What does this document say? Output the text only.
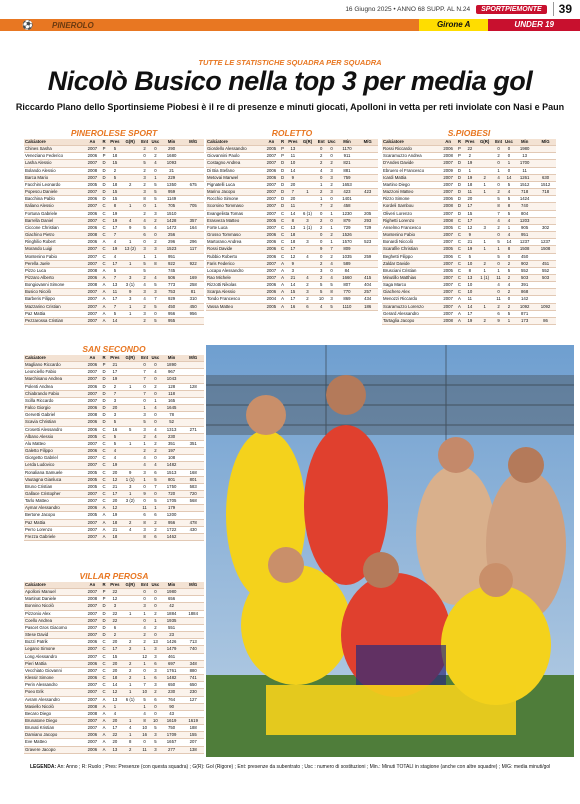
16 Giugno 2025 • ANNO 68 SUPP. AL N.24	SPORTPIEMONTE	39
⚽ PINEROLO	Girone A	UNDER 19
TUTTE LE STATISTICHE SQUADRA PER SQUADRA
Nicolò Busico nella top 3 per media gol
Riccardo Plano dello Sportinsieme Piobesi è il re di presenze e minuti giocati, Apolloni in vetta per reti inviolate con Nasi e Paun
PINEROLESE SPORT
Calciatore	An	R	Pres	G(R)	Ent	Usc	Min	M/G
Chines Sasha	2007	P	5		2	0	290	
Veneziano Federico	2006	P	18		0	2	1680	
Lasha Alessio	2007	D	15		5	4	1093	
Bolando Alessio	2008	D	2		2	0	21	
Barca Mario	2007	D	5		3	1	229	
Facchini Leonardo	2005	D	18	2	2	5	1350	675
Popescu Daniele	2007	D	15		3	5	959	
Bacchina Pablo	2006	D	15		8	5	1149	
Italiano Alessio	2007	C	8	1	0	1	705	705
Fortuna Gabriele	2006	C	19		2	3	1510	
Barrella Daniel	2007	C	19	4	4	2	1428	357
Ciccone Christian	2006	C	17	9	5	4	1472	164
Giachino Pietro	2008	C	7		6	0	256	
Ringhilio Robert	2006	A	4	1	0	2	296	296
Morando Luigi	2007	C	19	13 (2)	3	3	1523	117
Montenino Fabio	2007	C	4		1	1	951	
Perella Juele	2007	C	17	1	5	8	922	922
Pizzo Luca	2008	A	5		5		745	
Pizzaro Alberto	2006	A	7	3	2	4	506	169
Bongiovanni Simone	2008	A	13	3 (1)	4	5	773	258
Busico Nicolò	2007	A	11	9	3	3	753	81
Barberis Filippo	2007	A	17	3	4	7	929	310
Mazzarino Cristian	2007	A	7	1	2	5	450	450
Paz Mattia	2007	A	5	1	3	0	956	956
Pezzarossa Cristian	2007	A	14		2	5	955	
ROLETTO
Calciatore	An	R	Pres	G(R)	Ent	Usc	Min	M/G
Giordello Alessandro	2005	P	13		0	0	1170	
Giovannini Paolo	2007	P	11		2	0	911	
Costagno Andrea	2007	D	10		2	2	821	
Di Bia Stefano	2006	D	14		4	3	881	
Metovai Manwel	2006	D	9		0	3	759	
Pignatelli Luca	2007	D	20		1	2	1653	
Marino Jacopo	2007	D	7	1	2	3	423	423
Rocchio Simone	2007	D	20		1	0	1401	
Scorsino Tommaso	2007	D	11		7	2	458	
Evangelista Tomas	2007	C	14	6 (1)	0	1	1230	205
Erasveza Matteo	2005	C	8	3	2	0	879	293
Forte Luca	2007	C	13	1 (1)	2	1	729	729
Grosso Tommaso	2006	C	18		0	2	1526	
Martorano Andrea	2006	C	18	3	0	1	1570	523
Rossi Davide	2006	C	17		9	7	809	
Rubbio Roberto	2006	C	12	4	0	2	1035	259
Faris Federico	2007	A	9		2	4	589	
Locapo Alessandro	2007	A	3		3	0	84	
Rao Michele	2007	A	21	4	2	4	1660	415
Rizzotti Nikolas	2006	A	14	2	5	5	807	404
Scarpa Alessio	2006	A	15	3	5	8	770	257
Tondo Francesco	2004	A	17	2	10	3	869	434
Vassa Matteo	2005	A	16	6	4	5	1110	186
S.PIOBESI
Calciatore	An	R	Pres	G(R)	Ent	Usc	Min	M/G
Rossi Riccardo	2006	P	22		0	0	1980	
Scaramuzzo Andrea	2008	P	2		2	0	13	
D'Andes Davide	2007	D	19		0	1	1700	
Ebruero el Francesco	2009	D	1		1	0	11	
Icardi Mattia	2007	D	19	2	4	14	1261	630
Martino Diego	2007	D	18	1	0	5	1512	1512
Mazzoni Matteo	2007	D	11	1	2	4	718	718
Rizzo Simone	2006	D	20		5	5	1424	
Kordeli Sambou	2008	D	17		8	8	740	
Oliveri Lorenzo	2007	D	15		7	5	804	
Righetti Lorenzo	2008	C	17		4	4	1203	
Anselmo Francesco	2005	C	12	3	2	1	905	302
Montenino Fabio	2007	C	9		0	4	951	
Bonardi Niccolò	2007	C	21	1	5	14	1237	1237
Scarafile Christian	2005	C	19	1	1	8	1508	1508
Beghetti Filippo	2006	C	5		5	0	450	
Zaldar Davide	2007	C	10	2	0	2	902	451
Brusciani Cristian	2005	C	8	1	1	5	552	552
Minutillo Matthias	2007	C	13	1 (1)	11	2	503	503
Saga Marco	2007	C	10		4	4	391	
Giachero Alex	2007	C	10		0	2	868	
Menozzi Riccardo	2007	A	11		11	0	142	
Scaramuzzo Lorenzo	2007	A	14	1	2	2	1092	1092
Gerard Alessandro	2007	A	17		6	5	871	
Tartaglia Jacopo	2008	A	19	2	9	1	173	86
SAN SECONDO
Calciatore	An	R	Pres	G(R)	Ent	Usc	Min	M/G
Magliano Riccardo	2006	P	21		0	0	1890	
Leonciello Fabio	2007	D	17		7	4	967	
Marchisano Andrea	2007	D	19		7	0	1043	
Polenti Andrea	2006	D	2	1	0	2	128	128
Chiabrando Fabio	2007	D	7		7	0	118	
Scilla Riccardo	2007	D	3		0	1	165	
Falco Giorgio	2006	D	20		1	4	1645	
Gervetti Gabriel	2008	D	3		3	0	78	
Scavia Christian	2006	D	5		5	0	52	
Crosetti Alessandro	2006	C	16	5	3	4	1313	271
Albano Alessio	2005	C	5		2	4	230	
Alu Matteo	2007	C	5	1	1	2	351	351
Galetto Filippo	2006	C	4		2	2	197	
Giorgetto Gabriel	2007	C	4		4	0	108	
Lerda Ludovico	2007	C	19		4	4	1482	
Ronaliana Samuele	2005	C	20	9	3	6	1513	168
Vautagna Gianluca	2005	C	12	1 (1)	1	5	801	801
Bruno Cristian	2005	C	21	3	0	7	1750	583
Gallace Cristopher	2007	C	17	1	9	0	720	720
Tarlo Matteo	2007	C	20	3 (2)	0	5	1705	568
Aymar Alessandro	2006	A	12		11	1	179	
Bertone Jacopo	2005	A	19		6	6	1200	
Paz Mattia	2007	A	18	2	8	2	956	478
Perro Lorenzo	2007	A	21	4	3	2	1722	430
Frezza Gabriele	2007	A	18		8	6	1462	
VILLAR PEROSA
Calciatore	An	R	Pres	G(R)	Ent	Usc	Min	M/G
Apolloni Manuel	2007	P	22		0	0	1980	
Martinat Daniele	2008	P	12		0	0	656	
Bonnino Nicolò	2007	D	3		3	0	42	
Pizzonio Alex	2007	D	22	1	1	2	1884	1884
Coello Andrea	2007	D	22		0	1	1935	
Pascet Gros Giacomo	2007	D	6		4	2	551	
Stese David	2007	D	2		2	0	23	
Bozzi Patrik	2006	C	20	2	2	13	1426	713
Legano Simone	2007	C	17	2	1	3	1479	740
Long Alessandro	2007	C	15		12	3	461	
Pieri Mattia	2006	C	20	2	1	6	697	348
Vecchiato Giovanni	2007	C	20	2	0	3	1761	880
Klessir Simone	2006	C	18	2	1	6	1482	741
Perin Alessandro	2007	C	14	1	7	3	650	650
Poeo Erik	2007	C	12	1	10	2	230	230
Avram Alessandro	2007	A	13	6 (1)	5	6	764	127
Masiello Nicolò	2008	A	1		1	0	90	
Becaro Diego	2008	A	4		4	0	43	
Brunatone Diego	2007	A	20	1	8	10	1619	1619
Brunati Kristian	2007	A	17	4	10	5	750	188
Damiano Jacopo	2006	A	22	1	16	3	1709	155
Eve Matteo	2007	A	20	8	0	5	1657	207
Gravere Jacopo	2006	A	13	2	11	3	277	138
LEGENDA: An: Anno ; R: Ruolo ; Pres: Presenze (con questa squadra) ; G(R): Gol (Rigore) ; Ent: presenze da subentrato ; Usc : numero di sostituzioni ; Min.: Minuti TOTALI in stagione (anche con altre squadre) ; M/G: media minuti/gol
